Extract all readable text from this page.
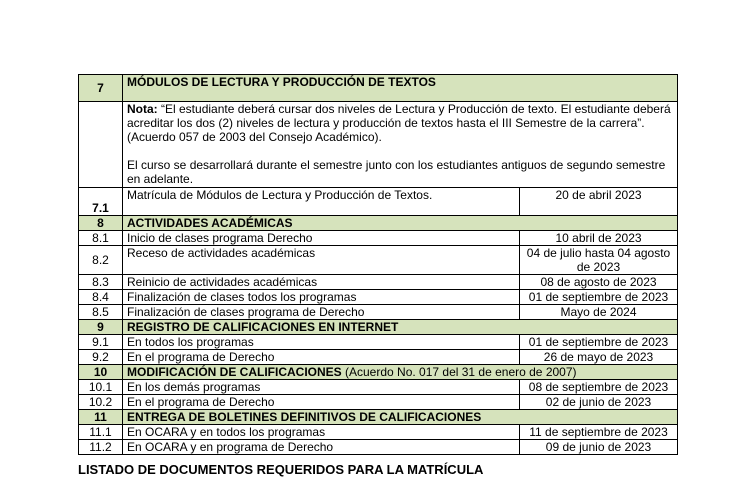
7	MÓDULOS DE LECTURA Y PRODUCCIÓN DE TEXTOS	

	Nota: “El estudiante deberá cursar dos niveles de Lectura y Producción de texto. El estudiante deberá acreditar los dos (2) niveles de lectura y producción de textos hasta el III Semestre de la carrera”. (Acuerdo 057 de 2003 del Consejo Académico).

El curso se desarrollará durante el semestre junto con los estudiantes antiguos de segundo semestre en adelante.	

7.1	Matrícula de Módulos de Lectura y Producción de Textos.	20 de abril 2023
8	ACTIVIDADES ACADÉMICAS	
8.1	Inicio de clases programa Derecho	10 abril de 2023
8.2	Receso de actividades académicas	04 de julio hasta 04 agosto de 2023
8.3	Reinicio de actividades académicas	08 de agosto de 2023
8.4	Finalización de clases todos los programas	01 de septiembre de 2023
8.5	Finalización de clases programa de Derecho	Mayo de 2024
9	REGISTRO DE CALIFICACIONES EN INTERNET	
9.1	En todos los programas	01 de septiembre de 2023
9.2	En el programa de Derecho	26 de mayo de 2023
10	MODIFICACIÓN DE CALIFICACIONES (Acuerdo No. 017 del 31 de enero de 2007)	
10.1	En los demás programas	08 de septiembre de 2023
10.2	En el programa de Derecho	02 de junio de 2023
11	ENTREGA DE BOLETINES DEFINITIVOS DE CALIFICACIONES	
11.1	En OCARA y en todos los programas	11 de septiembre de 2023
11.2	En OCARA y en programa de Derecho	09 de junio de 2023
LISTADO DE DOCUMENTOS REQUERIDOS PARA LA MATRÍCULA
